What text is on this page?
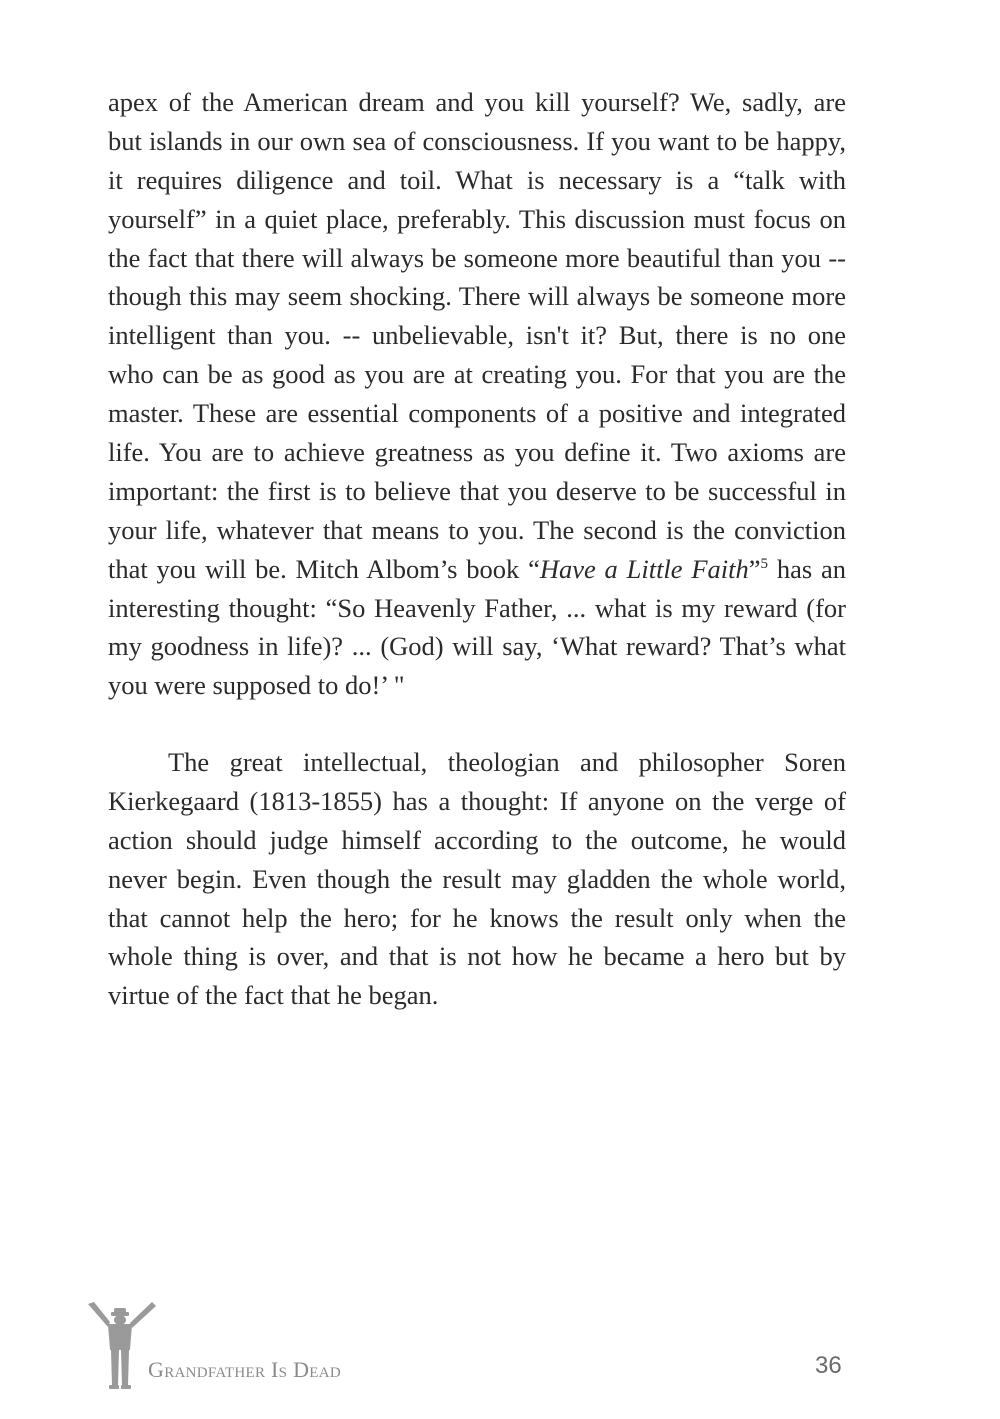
apex of the American dream and you kill yourself? We, sadly, are
but islands in our own sea of consciousness. If you want to be happy,
it requires diligence and toil. What is necessary is a “talk with
yourself” in a quiet place, preferably. This discussion must focus on
the fact that there will always be someone more beautiful than you --
though this may seem shocking. There will always be someone more
intelligent than you. -- unbelievable, isn't it? But, there is no one
who can be as good as you are at creating you. For that you are the
master. These are essential components of a positive and integrated
life. You are to achieve greatness as you define it. Two axioms are
important: the first is to believe that you deserve to be successful in
your life, whatever that means to you. The second is the conviction
that you will be. Mitch Albom’s book “Have a Little Faith”$^5$ has an
interesting thought: “So Heavenly Father, ... what is my reward (for
my goodness in life)? ... (God) will say, ‘What reward? That’s what
you were supposed to do!’ "
The great intellectual, theologian and philosopher Soren
Kierkegaard (1813-1855) has a thought: If anyone on the verge of
action should judge himself according to the outcome, he would
never begin. Even though the result may gladden the whole world,
that cannot help the hero; for he knows the result only when the
whole thing is over, and that is not how he became a hero but by
virtue of the fact that he began.
Grandfather Is Dead	36
